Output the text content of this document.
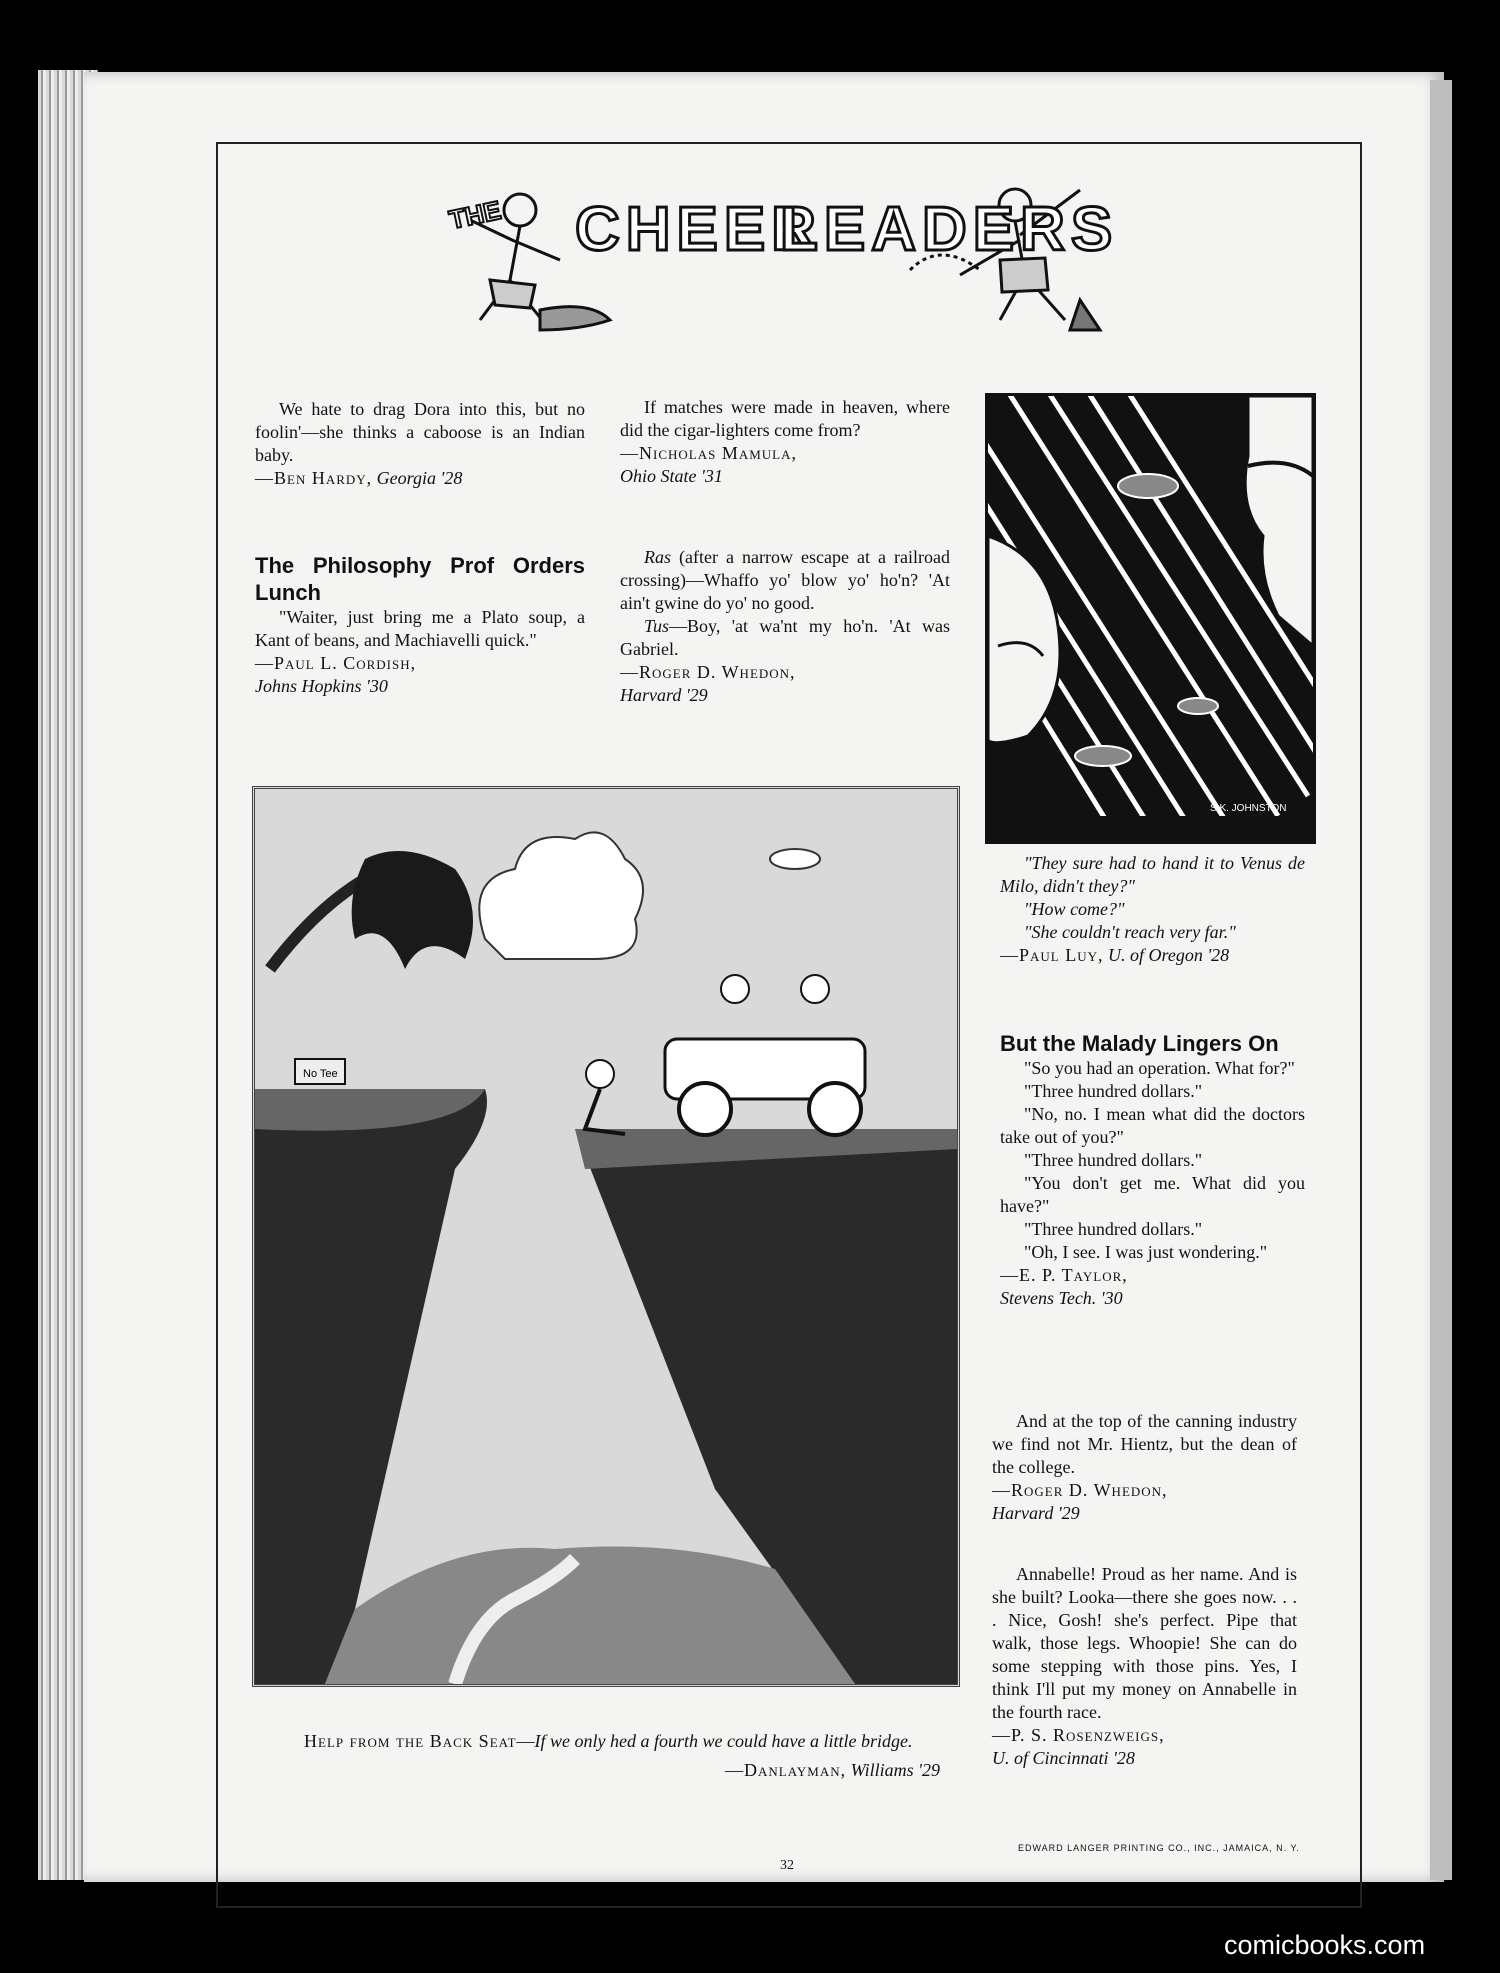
THE CHEER
LEADERS

We hate to drag Dora into this, but no foolin'—she thinks a caboose is an Indian baby.

—Ben Hardy, Georgia '28

If matches were made in heaven, where did the cigar-lighters come from?

—Nicholas Mamula,

Ohio State '31

The Philosophy Prof Orders Lunch

"Waiter, just bring me a Plato soup, a Kant of beans, and Machiavelli quick."

—Paul L. Cordish,

Johns Hopkins '30

Ras (after a narrow escape at a railroad crossing)—Whaffo yo' blow yo' ho'n? 'At ain't gwine do yo' no good.

Tus—Boy, 'at wa'nt my ho'n. 'At was Gabriel.

—Roger D. Whedon,

Harvard '29

S.K. JOHNSTON

"They sure had to hand it to Venus de Milo, didn't they?"

"How come?"

"She couldn't reach very far."

—Paul Luy, U. of Oregon '28

But the Malady Lingers On

"So you had an operation. What for?"

"Three hundred dollars."

"No, no. I mean what did the doctors take out of you?"

"Three hundred dollars."

"You don't get me. What did you have?"

"Three hundred dollars."

"Oh, I see. I was just wondering."

—E. P. Taylor,

Stevens Tech. '30

And at the top of the canning industry we find not Mr. Hientz, but the dean of the college.

—Roger D. Whedon,

Harvard '29

Annabelle! Proud as her name. And is she built? Looka—there she goes now. . . . Nice, Gosh! she's perfect. Pipe that walk, those legs. Whoopie! She can do some stepping with those pins. Yes, I think I'll put my money on Annabelle in the fourth race.

—P. S. Rosenzweigs,

U. of Cincinnati '28

No Tee

Help from the Back Seat—If we only hed a fourth we could have a little bridge.

—Danlayman, Williams '29

EDWARD LANGER PRINTING CO., INC., JAMAICA, N. Y.
32
comicbooks.com
